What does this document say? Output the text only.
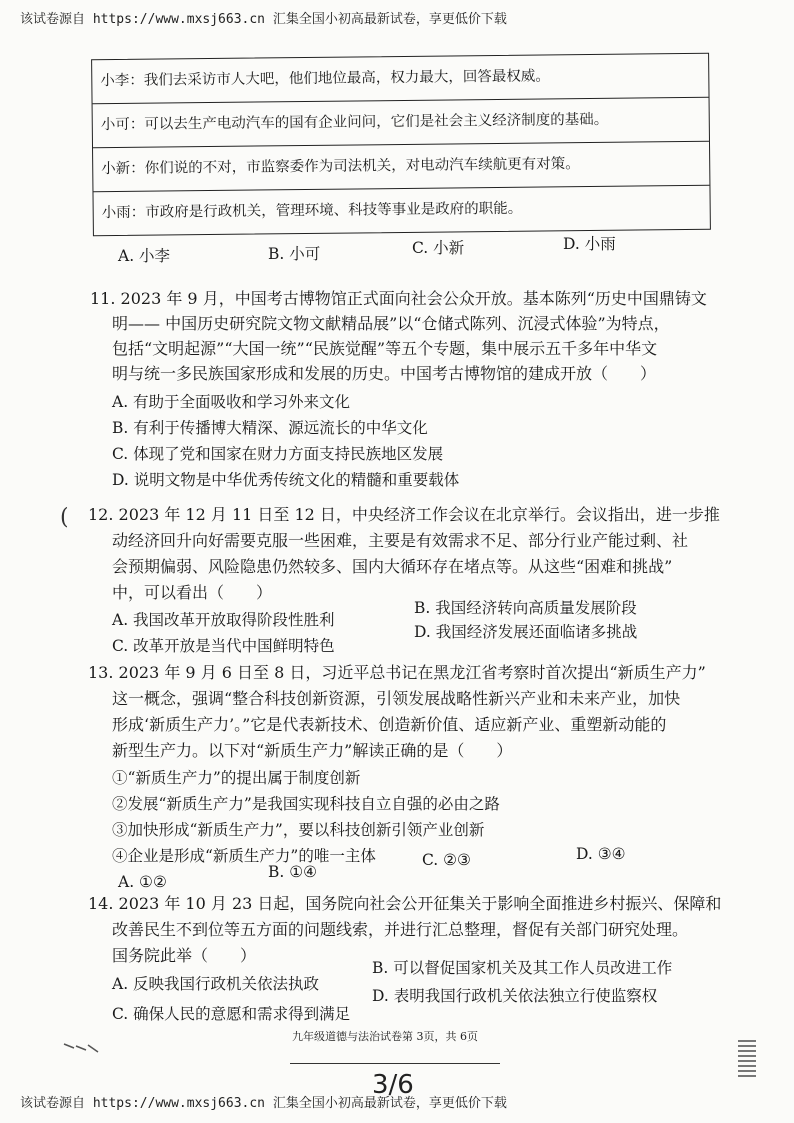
该试卷源自 https://www.mxsj663.cn 汇集全国小初高最新试卷，享更低价下载
小李：我们去采访市人大吧，他们地位最高，权力最大，回答最权威。
小可：可以去生产电动汽车的国有企业问问，它们是社会主义经济制度的基础。
小新：你们说的不对，市监察委作为司法机关，对电动汽车续航更有对策。
小雨：市政府是行政机关，管理环境、科技等事业是政府的职能。
A. 小李	B. 小可	C. 小新	D. 小雨
11. 2023 年 9 月，中国考古博物馆正式面向社会公众开放。基本陈列“历史中国鼎铸文
明—— 中国历史研究院文物文献精品展”以“仓储式陈列、沉浸式体验”为特点，
包括“文明起源”“大国一统”“民族觉醒”等五个专题，集中展示五千多年中华文
明与统一多民族国家形成和发展的历史。中国考古博物馆的建成开放（　　）
A. 有助于全面吸收和学习外来文化
B. 有利于传播博大精深、源远流长的中华文化
C. 体现了党和国家在财力方面支持民族地区发展
D. 说明文物是中华优秀传统文化的精髓和重要载体
( 12. 2023 年 12 月 11 日至 12 日，中央经济工作会议在北京举行。会议指出，进一步推
动经济回升向好需要克服一些困难，主要是有效需求不足、部分行业产能过剩、社
会预期偏弱、风险隐患仍然较多、国内大循环存在堵点等。从这些“困难和挑战”
中，可以看出（　　）
A. 我国改革开放取得阶段性胜利
B. 我国经济转向高质量发展阶段
C. 改革开放是当代中国鲜明特色
D. 我国经济发展还面临诸多挑战
13. 2023 年 9 月 6 日至 8 日，习近平总书记在黑龙江省考察时首次提出“新质生产力”
这一概念，强调“整合科技创新资源，引领发展战略性新兴产业和未来产业，加快
形成‘新质生产力’。”它是代表新技术、创造新价值、适应新产业、重塑新动能的
新型生产力。以下对“新质生产力”解读正确的是（　　）
①“新质生产力”的提出属于制度创新
②发展“新质生产力”是我国实现科技自立自强的必由之路
③加快形成“新质生产力”，要以科技创新引领产业创新
④企业是形成“新质生产力”的唯一主体
A. ①②
B. ①④
C. ②③	D. ③④
14. 2023 年 10 月 23 日起，国务院向社会公开征集关于影响全面推进乡村振兴、保障和
改善民生不到位等五方面的问题线索，并进行汇总整理，督促有关部门研究处理。
国务院此举（　　）
A. 反映我国行政机关依法执政
B. 可以督促国家机关及其工作人员改进工作
C. 确保人民的意愿和需求得到满足
D. 表明我国行政机关依法独立行使监察权
九年级道德与法治试卷第 3页，共 6页
3/6
该试卷源自 https://www.mxsj663.cn 汇集全国小初高最新试卷，享更低价下载
